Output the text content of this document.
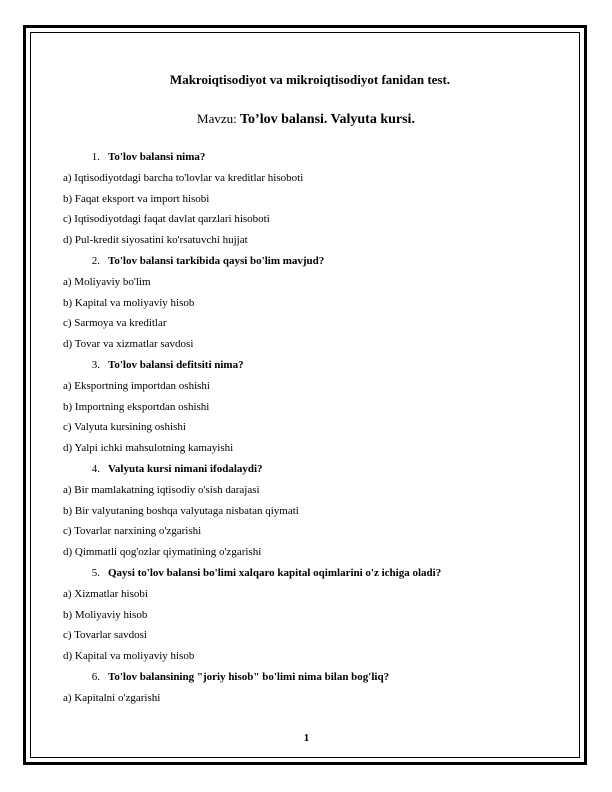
Makroiqtisodiyot va mikroiqtisodiyot fanidan test.
Mavzu: To’lov balansi. Valyuta kursi.
1. To'lov balansi nima?
a) Iqtisodiyotdagi barcha to'lovlar va kreditlar hisoboti
b) Faqat eksport va import hisobi
c) Iqtisodiyotdagi faqat davlat qarzlari hisoboti
d) Pul-kredit siyosatini ko'rsatuvchi hujjat
2. To'lov balansi tarkibida qaysi bo'lim mavjud?
a) Moliyaviy bo'lim
b) Kapital va moliyaviy hisob
c) Sarmoya va kreditlar
d) Tovar va xizmatlar savdosi
3. To'lov balansi defitsiti nima?
a) Eksportning importdan oshishi
b) Importning eksportdan oshishi
c) Valyuta kursining oshishi
d) Yalpi ichki mahsulotning kamayishi
4. Valyuta kursi nimani ifodalaydi?
a) Bir mamlakatning iqtisodiy o'sish darajasi
b) Bir valyutaning boshqa valyutaga nisbatan qiymati
c) Tovarlar narxining o'zgarishi
d) Qimmatli qog'ozlar qiymatining o'zgarishi
5. Qaysi to'lov balansi bo'limi xalqaro kapital oqimlarini o'z ichiga oladi?
a) Xizmatlar hisobi
b) Moliyaviy hisob
c) Tovarlar savdosi
d) Kapital va moliyaviy hisob
6. To'lov balansining "joriy hisob" bo'limi nima bilan bog'liq?
a) Kapitalni o'zgarishi
1
